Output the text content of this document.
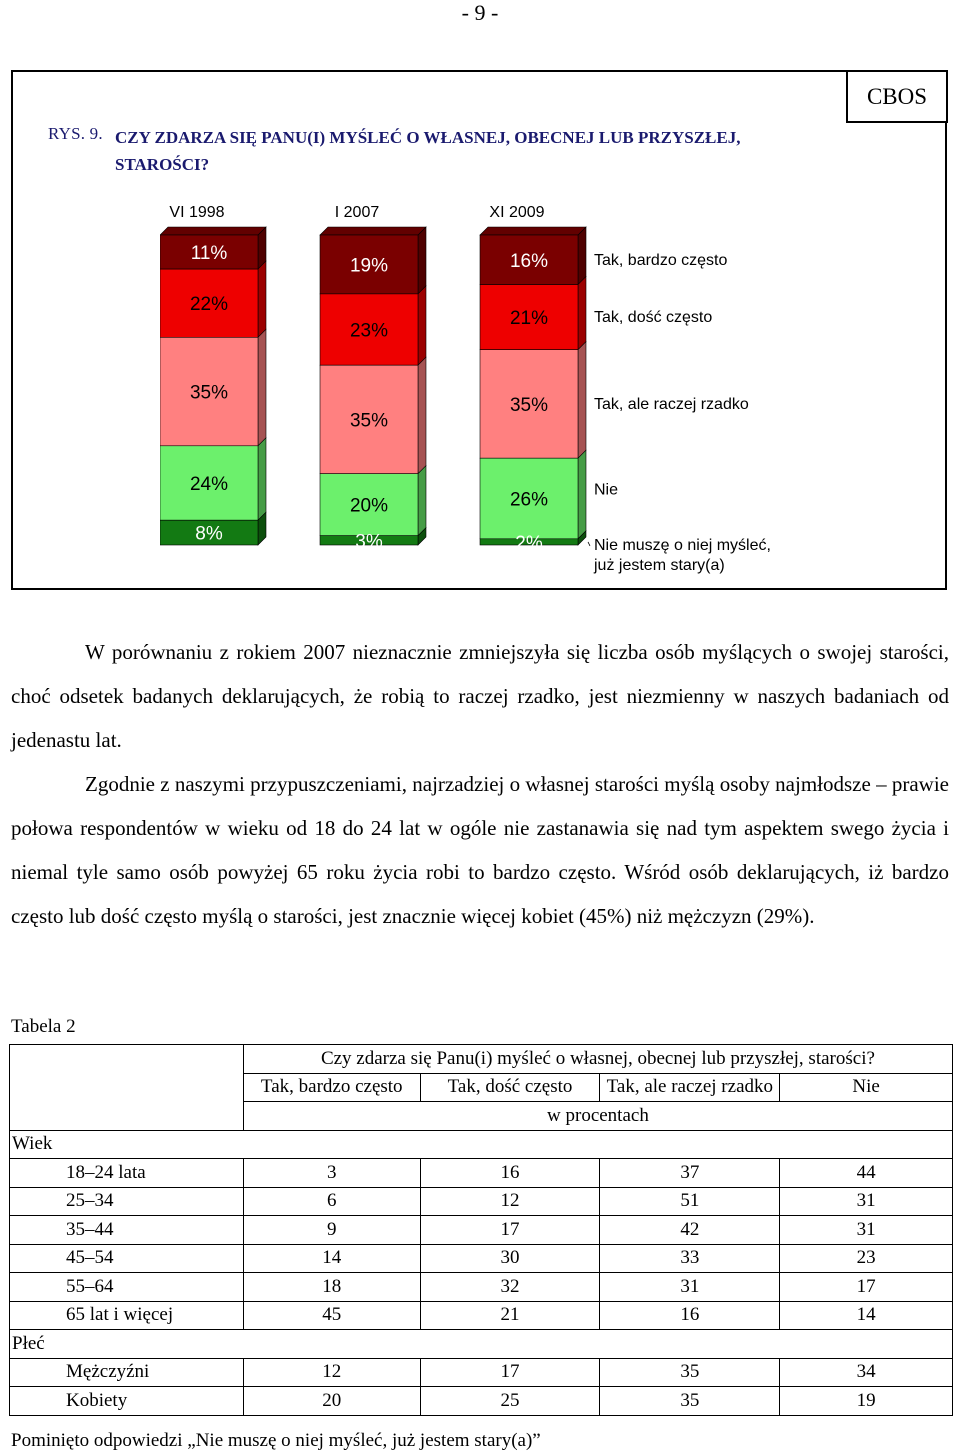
- 9 -
CBOS
RYS. 9. CZY ZDARZA SIĘ PANU(I) MYŚLEĆ O WŁASNEJ, OBECNEJ LUB PRZYSZŁEJ, STAROŚCI?
VI 1998	I 2007	XI 2009
11%
22%
35%
24%
8%
19%
23%
35%
20%
3%
16%
21%
35%
26%
2%
Tak, bardzo często
Tak, dość często
Tak, ale raczej rzadko
Nie
Nie muszę o niej myśleć,
już jestem stary(a)
W porównaniu z rokiem 2007 nieznacznie zmniejszyła się liczba osób myślących o swojej starości, choć odsetek badanych deklarujących, że robią to raczej rzadko, jest niezmienny w naszych badaniach od jedenastu lat.
Zgodnie z naszymi przypuszczeniami, najrzadziej o własnej starości myślą osoby najmłodsze – prawie połowa respondentów w wieku od 18 do 24 lat w ogóle nie zastanawia się nad tym aspektem swego życia i niemal tyle samo osób powyżej 65 roku życia robi to bardzo często. Wśród osób deklarujących, iż bardzo często lub dość często myślą o starości, jest znacznie więcej kobiet (45%) niż mężczyzn (29%).
Tabela 2
	Czy zdarza się Panu(i) myśleć o własnej, obecnej lub przyszłej, starości?			
	Tak, bardzo często	Tak, dość często	Tak, ale raczej rzadko	Nie
	w procentach			
Wiek				
18–24 lata	3	16	37	44
25–34	6	12	51	31
35–44	9	17	42	31
45–54	14	30	33	23
55–64	18	32	31	17
65 lat i więcej	45	21	16	14
Płeć				
Mężczyźni	12	17	35	34
Kobiety	20	25	35	19
Pominięto odpowiedzi „Nie muszę o niej myśleć, już jestem stary(a)”
